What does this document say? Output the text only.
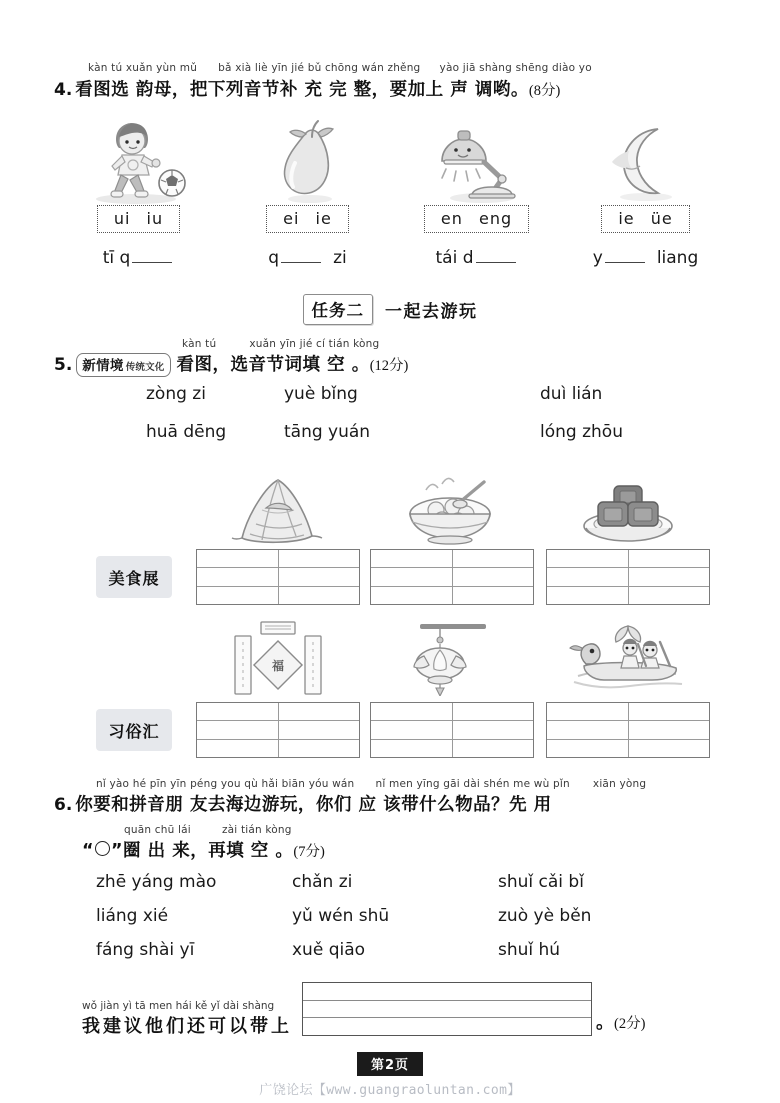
kàn tú xuǎn yùn mǔ bǎ xià liè yīn jié bǔ chōng wán zhěng yào jiā shàng shēng diào yo
4. 看图选 韵母，把下列音节补 充 完 整，要加上 声 调哟。 (8分)
ui iu	ei ie	en eng	ie üe
tī q	q	zi	tái d	y	liang
任务二	一起去游玩
kàn tú	xuǎn yīn jié cí tián kòng
5. 新情境 传统文化 看图，选音节词填 空 。 (12分)
zòng zi	yuè bǐng	duì lián
huā dēng	tāng yuán	lóng zhōu
美食展
福
习俗汇
nǐ yào hé pīn yīn péng you qù hǎi biān yóu wán nǐ men yīng gāi dài shén me wù pǐn xiān yòng
6. 你要和拼音朋 友去海边游玩，你们 应 该带什么物品？先 用
quān chū lái	zài tián kòng
“ ”圈 出 来，再填 空 。 (7分)
zhē yáng mào	chǎn zi	shuǐ cǎi bǐ
liáng xié	yǔ wén shū	zuò yè běn
fáng shài yī	xuě qiāo	shuǐ hú
wǒ jiàn yì tā men hái kě yǐ dài shàng
我建议他们还可以带上	。 (2分)
第2页
广饶论坛【www.guangraoluntan.com】
